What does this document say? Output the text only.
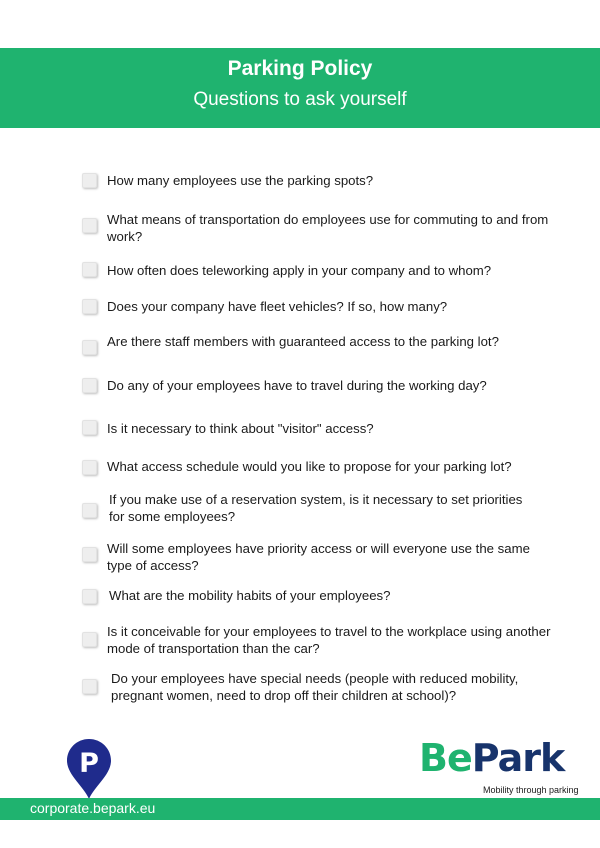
Parking Policy
Questions to ask yourself
How many employees use the parking spots?
What means of transportation do employees use for commuting to and from work?
How often does teleworking apply in your company and to whom?
Does your company have fleet vehicles? If so, how many?
Are there staff members with guaranteed access to the parking lot?
Do any of your employees have to travel during the working day?
Is it necessary to think about "visitor" access?
What access schedule would you like to propose for your parking lot?
If you make use of a reservation system, is it necessary to set priorities for some employees?
Will some employees have priority access or will everyone use the same type of access?
What are the mobility habits of your employees?
Is it conceivable for your employees to travel to the workplace using another mode of transportation than the car?
Do your employees have special needs (people with reduced mobility, pregnant women, need to drop off their children at school)?
P	BePark
Mobility through parking
corporate.bepark.eu
